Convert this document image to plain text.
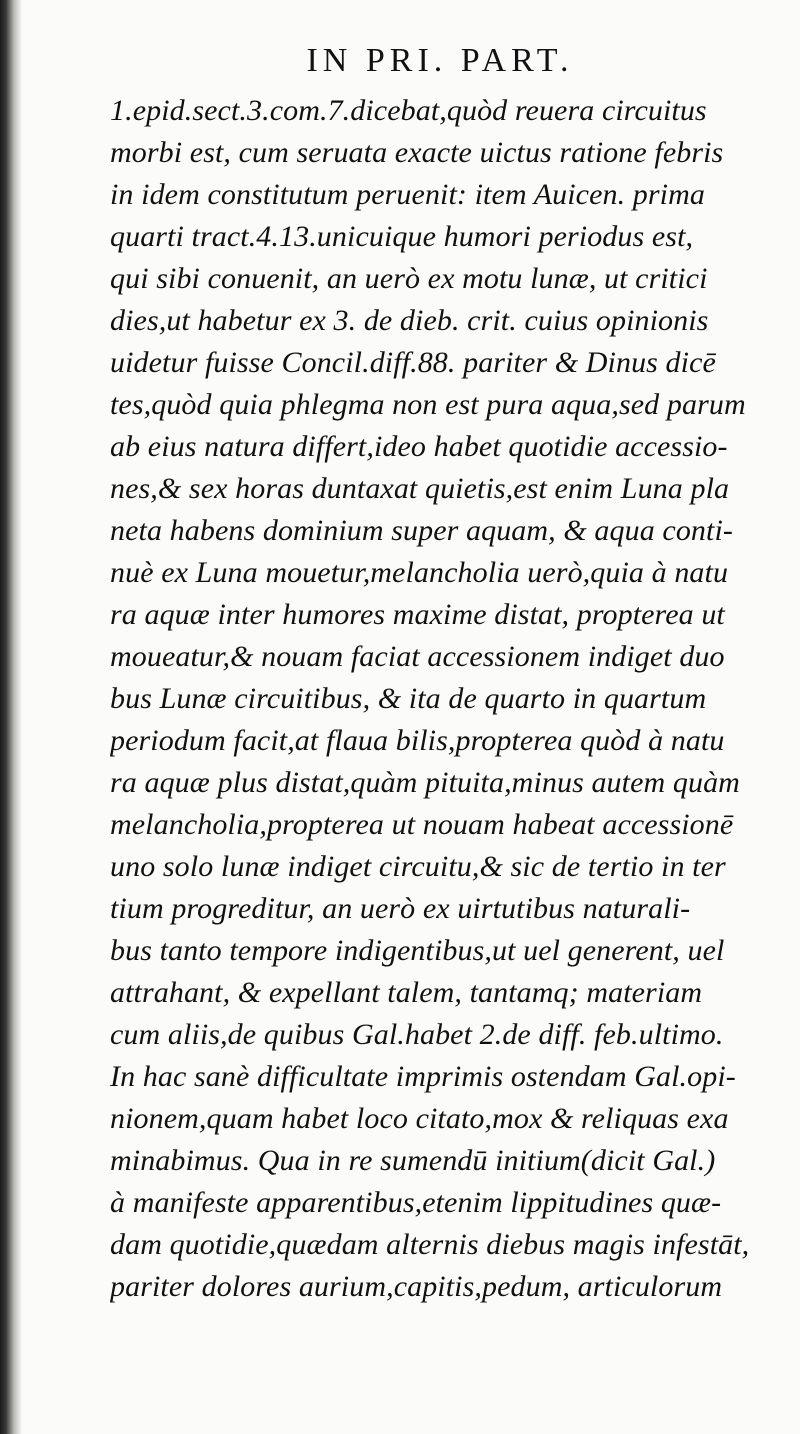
IN PRI. PART.
1.epid.sect.3.com.7.dicebat,quòd reuera circuitus
morbi est, cum seruata exacte uictus ratione febris
in idem constitutum peruenit: item Auicen. prima
quarti tract.4.13.unicuique humori periodus est,
qui sibi conuenit, an uerò ex motu lunæ, ut critici
dies,ut habetur ex 3. de dieb. crit. cuius opinionis
uidetur fuisse Concil.diff.88. pariter & Dinus dicē
tes,quòd quia phlegma non est pura aqua,sed parum
ab eius natura differt,ideo habet quotidie accessio-
nes,& sex horas duntaxat quietis,est enim Luna pla
neta habens dominium super aquam, & aqua conti-
nuè ex Luna mouetur,melancholia uerò,quia à natu
ra aquæ inter humores maxime distat, propterea ut
moueatur,& nouam faciat accessionem indiget duo
bus Lunæ circuitibus, & ita de quarto in quartum
periodum facit,at flaua bilis,propterea quòd à natu
ra aquæ plus distat,quàm pituita,minus autem quàm
melancholia,propterea ut nouam habeat accessionē
uno solo lunæ indiget circuitu,& sic de tertio in ter
tium progreditur, an uerò ex uirtutibus naturali-
bus tanto tempore indigentibus,ut uel generent, uel
attrahant, & expellant talem, tantamq; materiam
cum aliis,de quibus Gal.habet 2.de diff. feb.ultimo.
In hac sanè difficultate imprimis ostendam Gal.opi-
nionem,quam habet loco citato,mox & reliquas exa
minabimus. Qua in re sumendū initium(dicit Gal.)
à manifeste apparentibus,etenim lippitudines quæ-
dam quotidie,quædam alternis diebus magis infestāt,
pariter dolores aurium,capitis,pedum, articulorum
